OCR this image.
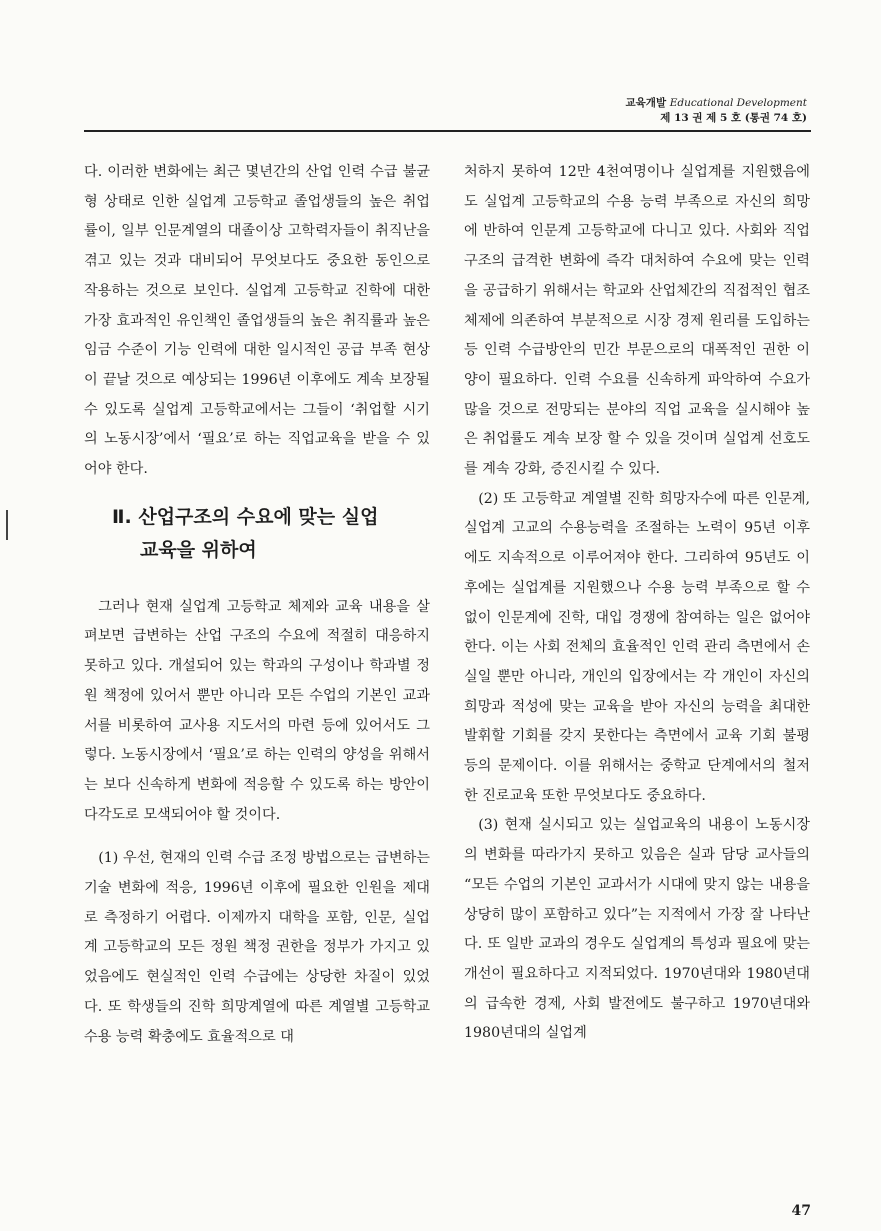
교육개발 Educational Development
제 13 권 제 5 호 (통권 74 호)

다. 이러한 변화에는 최근 몇년간의 산업 인력 수급 불균형 상태로 인한 실업계 고등학교 졸업생들의 높은 취업률이, 일부 인문계열의 대졸이상 고학력자들이 취직난을 겪고 있는 것과 대비되어 무엇보다도 중요한 동인으로 작용하는 것으로 보인다. 실업계 고등학교 진학에 대한 가장 효과적인 유인책인 졸업생들의 높은 취직률과 높은 임금 수준이 기능 인력에 대한 일시적인 공급 부족 현상이 끝날 것으로 예상되는 1996년 이후에도 계속 보장될 수 있도록 실업계 고등학교에서는 그들이 ‘취업할 시기의 노동시장’에서 ‘필요’로 하는 직업교육을 받을 수 있어야 한다.

Ⅱ. 산업구조의 수요에 맞는 실업
교육을 위하여

그러나 현재 실업계 고등학교 체제와 교육 내용을 살펴보면 급변하는 산업 구조의 수요에 적절히 대응하지 못하고 있다. 개설되어 있는 학과의 구성이나 학과별 정원 책정에 있어서 뿐만 아니라 모든 수업의 기본인 교과서를 비롯하여 교사용 지도서의 마련 등에 있어서도 그렇다. 노동시장에서 ‘필요’로 하는 인력의 양성을 위해서는 보다 신속하게 변화에 적응할 수 있도록 하는 방안이 다각도로 모색되어야 할 것이다.

(1) 우선, 현재의 인력 수급 조정 방법으로는 급변하는 기술 변화에 적응, 1996년 이후에 필요한 인원을 제대로 측정하기 어렵다. 이제까지 대학을 포함, 인문, 실업계 고등학교의 모든 정원 책정 권한을 정부가 가지고 있었음에도 현실적인 인력 수급에는 상당한 차질이 있었다. 또 학생들의 진학 희망계열에 따른 계열별 고등학교 수용 능력 확충에도 효율적으로 대

처하지 못하여 12만 4천여명이나 실업계를 지원했음에도 실업계 고등학교의 수용 능력 부족으로 자신의 희망에 반하여 인문계 고등학교에 다니고 있다. 사회와 직업 구조의 급격한 변화에 즉각 대처하여 수요에 맞는 인력을 공급하기 위해서는 학교와 산업체간의 직접적인 협조 체제에 의존하여 부분적으로 시장 경제 원리를 도입하는 등 인력 수급방안의 민간 부문으로의 대폭적인 권한 이양이 필요하다. 인력 수요를 신속하게 파악하여 수요가 많을 것으로 전망되는 분야의 직업 교육을 실시해야 높은 취업률도 계속 보장 할 수 있을 것이며 실업계 선호도를 계속 강화, 증진시킬 수 있다.

(2) 또 고등학교 계열별 진학 희망자수에 따른 인문계, 실업계 고교의 수용능력을 조절하는 노력이 95년 이후에도 지속적으로 이루어져야 한다. 그리하여 95년도 이후에는 실업계를 지원했으나 수용 능력 부족으로 할 수 없이 인문계에 진학, 대입 경쟁에 참여하는 일은 없어야 한다. 이는 사회 전체의 효율적인 인력 관리 측면에서 손실일 뿐만 아니라, 개인의 입장에서는 각 개인이 자신의 희망과 적성에 맞는 교육을 받아 자신의 능력을 최대한 발휘할 기회를 갖지 못한다는 측면에서 교육 기회 불평등의 문제이다. 이를 위해서는 중학교 단계에서의 철저한 진로교육 또한 무엇보다도 중요하다.

(3) 현재 실시되고 있는 실업교육의 내용이 노동시장의 변화를 따라가지 못하고 있음은 실과 담당 교사들의 “모든 수업의 기본인 교과서가 시대에 맞지 않는 내용을 상당히 많이 포함하고 있다”는 지적에서 가장 잘 나타난다. 또 일반 교과의 경우도 실업계의 특성과 필요에 맞는 개선이 필요하다고 지적되었다. 1970년대와 1980년대의 급속한 경제, 사회 발전에도 불구하고 1970년대와 1980년대의 실업계

47
